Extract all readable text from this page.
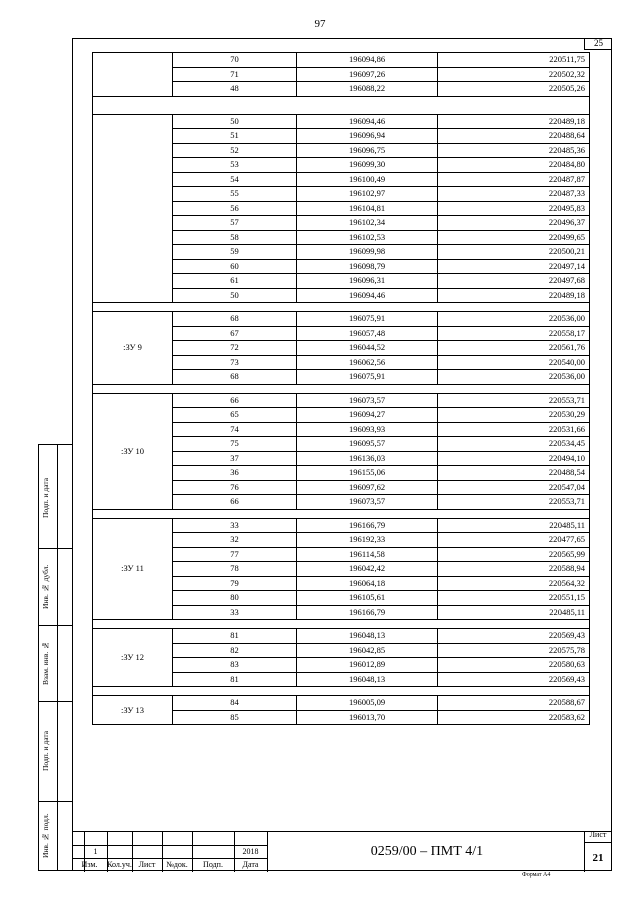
97
25
	70	196094,86	220511,75
	71	196097,26	220502,32
	48	196088,22	220505,26

	50	196094,46	220489,18
	51	196096,94	220488,64
	52	196096,75	220485,36
	53	196099,30	220484,80
	54	196100,49	220487,87
	55	196102,97	220487,33
	56	196104,81	220495,83
	57	196102,34	220496,37
	58	196102,53	220499,65
	59	196099,98	220500,21
	60	196098,79	220497,14
	61	196096,31	220497,68
	50	196094,46	220489,18

:ЗУ 9	68	196075,91	220536,00
	67	196057,48	220558,17
	72	196044,52	220561,76
	73	196062,56	220540,00
	68	196075,91	220536,00

:ЗУ 10	66	196073,57	220553,71
	65	196094,27	220530,29
	74	196093,93	220531,66
	75	196095,57	220534,45
	37	196136,03	220494,10
	36	196155,06	220488,54
	76	196097,62	220547,04
	66	196073,57	220553,71

:ЗУ 11	33	196166,79	220485,11
	32	196192,33	220477,65
	77	196114,58	220565,99
	78	196042,42	220588,94
	79	196064,18	220564,32
	80	196105,61	220551,15
	33	196166,79	220485,11

:ЗУ 12	81	196048,13	220569,43
	82	196042,85	220575,78
	83	196012,89	220580,63
	81	196048,13	220569,43

:ЗУ 13	84	196005,09	220588,67
	85	196013,70	220583,62
Подп. и дата
Инв. № дубл.
Взам. инв. №
Подп. и дата
Инв. № подл.	1	2018
Изм.	Кол.уч. Лист	№док.	Подп.	Дата
0259/00 – ПМТ 4/1
Лист
21
Формат А4
